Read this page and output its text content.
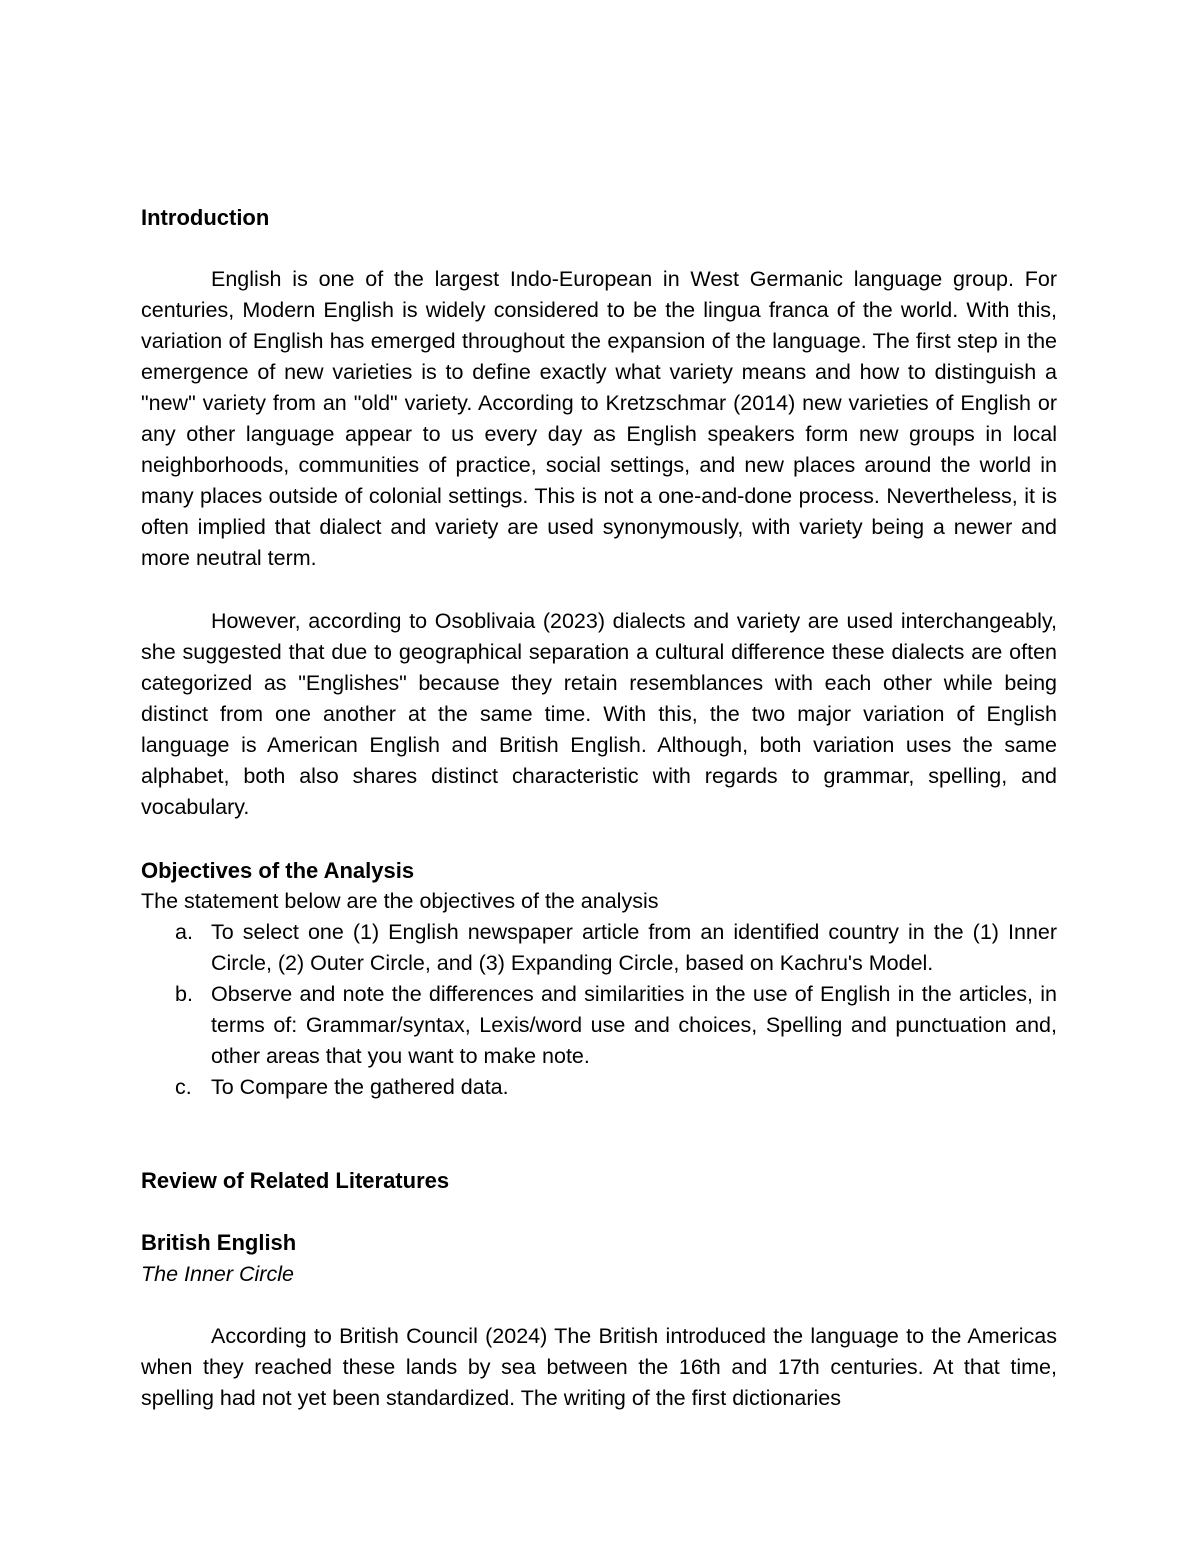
Introduction

English is one of the largest Indo-European in West Germanic language group. For centuries, Modern English is widely considered to be the lingua franca of the world. With this, variation of English has emerged throughout the expansion of the language. The first step in the emergence of new varieties is to define exactly what variety means and how to distinguish a "new" variety from an "old" variety. According to Kretzschmar (2014) new varieties of English or any other language appear to us every day as English speakers form new groups in local neighborhoods, communities of practice, social settings, and new places around the world in many places outside of colonial settings. This is not a one-and-done process. Nevertheless, it is often implied that dialect and variety are used synonymously, with variety being a newer and more neutral term.

However, according to Osoblivaia (2023) dialects and variety are used interchangeably, she suggested that due to geographical separation a cultural difference these dialects are often categorized as "Englishes" because they retain resemblances with each other while being distinct from one another at the same time. With this, the two major variation of English language is American English and British English. Although, both variation uses the same alphabet, both also shares distinct characteristic with regards to grammar, spelling, and vocabulary.

Objectives of the Analysis

The statement below are the objectives of the analysis

a. To select one (1) English newspaper article from an identified country in the (1) Inner Circle, (2) Outer Circle, and (3) Expanding Circle, based on Kachru's Model.
b. Observe and note the differences and similarities in the use of English in the articles, in terms of: Grammar/syntax, Lexis/word use and choices, Spelling and punctuation and, other areas that you want to make note.
c. To Compare the gathered data.
Review of Related Literatures
British English
The Inner Circle

According to British Council (2024) The British introduced the language to the Americas when they reached these lands by sea between the 16th and 17th centuries. At that time, spelling had not yet been standardized. The writing of the first dictionaries
